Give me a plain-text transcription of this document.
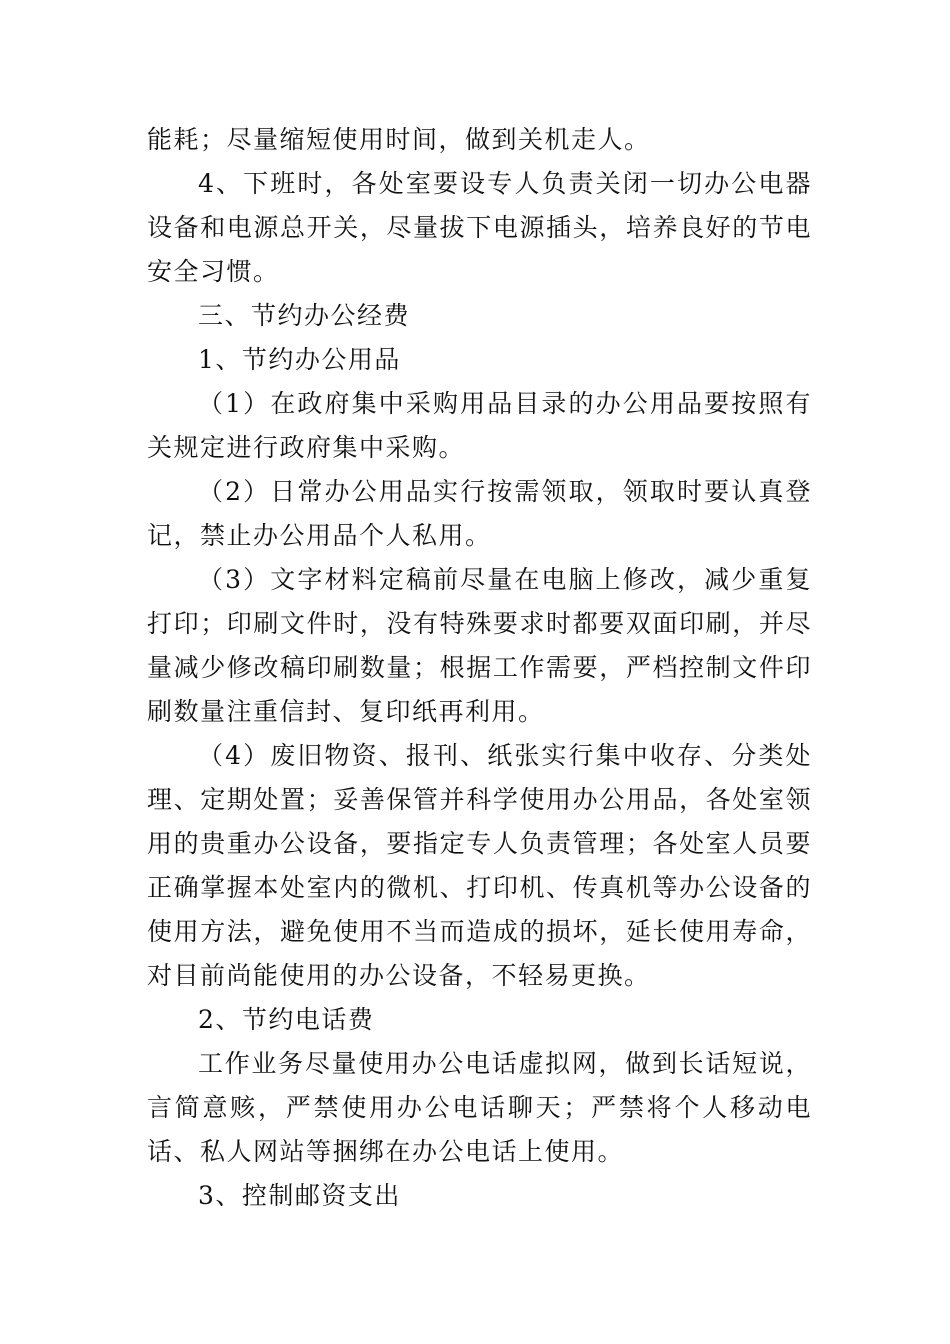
能耗；尽量缩短使用时间，做到关机走人。

4、下班时，各处室要设专人负责关闭一切办公电器设备和电源总开关，尽量拔下电源插头，培养良好的节电安全习惯。

三、节约办公经费

1、节约办公用品

（1）在政府集中采购用品目录的办公用品要按照有关规定进行政府集中采购。

（2）日常办公用品实行按需领取，领取时要认真登记，禁止办公用品个人私用。

（3）文字材料定稿前尽量在电脑上修改，减少重复打印；印刷文件时，没有特殊要求时都要双面印刷，并尽量减少修改稿印刷数量；根据工作需要，严档控制文件印刷数量注重信封、复印纸再利用。

（4）废旧物资、报刊、纸张实行集中收存、分类处理、定期处置；妥善保管并科学使用办公用品，各处室领用的贵重办公设备，要指定专人负责管理；各处室人员要正确掌握本处室内的微机、打印机、传真机等办公设备的使用方法，避免使用不当而造成的损坏，延长使用寿命，对目前尚能使用的办公设备，不轻易更换。

2、节约电话费

工作业务尽量使用办公电话虚拟网，做到长话短说，言简意赅，严禁使用办公电话聊天；严禁将个人移动电话、私人网站等捆绑在办公电话上使用。

3、控制邮资支出
